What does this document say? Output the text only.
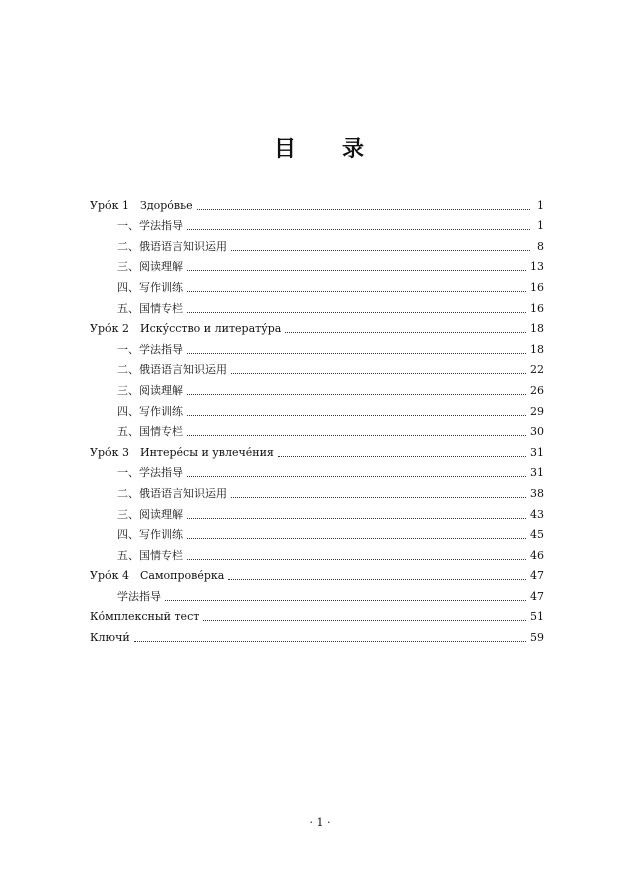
目 录
Уро́к 1　Здоро́вье	1
一、学法指导	1
二、俄语语言知识运用	8
三、阅读理解	13
四、写作训练	16
五、国情专栏	16
Уро́к 2　Иску́сство и литерату́ра	18
一、学法指导	18
二、俄语语言知识运用	22
三、阅读理解	26
四、写作训练	29
五、国情专栏	30
Уро́к 3　Интере́сы и увлече́ния	31
一、学法指导	31
二、俄语语言知识运用	38
三、阅读理解	43
四、写作训练	45
五、国情专栏	46
Уро́к 4　Самопрове́рка	47
学法指导	47
Ко́мплексный тест	51
Ключи́	59
· 1 ·
